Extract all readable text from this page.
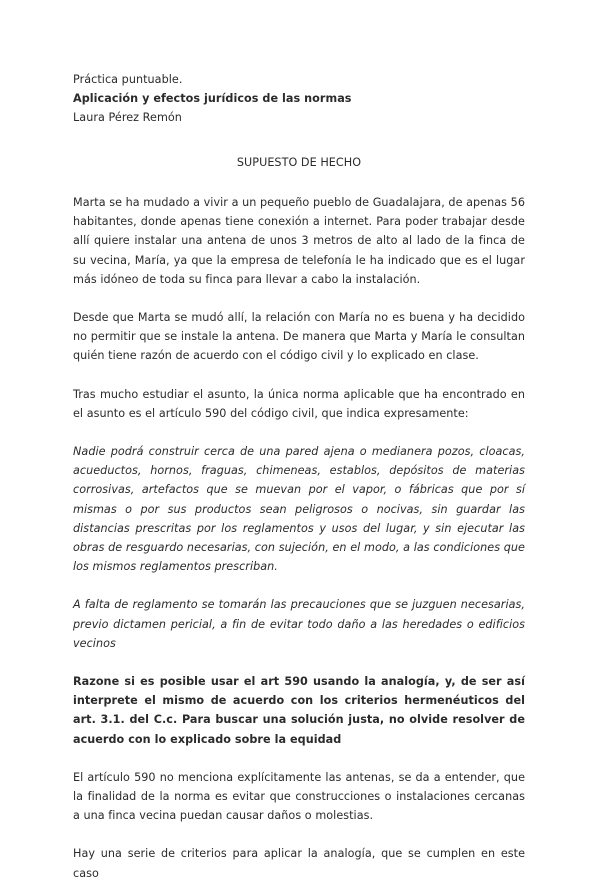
Práctica puntuable.

Aplicación y efectos jurídicos de las normas

Laura Pérez Remón

SUPUESTO DE HECHO

Marta se ha mudado a vivir a un pequeño pueblo de Guadalajara, de apenas 56 habitantes, donde apenas tiene conexión a internet. Para poder trabajar desde allí quiere instalar una antena de unos 3 metros de alto al lado de la finca de su vecina, María, ya que la empresa de telefonía le ha indicado que es el lugar más idóneo de toda su finca para llevar a cabo la instalación.

Desde que Marta se mudó allí, la relación con María no es buena y ha decidido no permitir que se instale la antena. De manera que Marta y María le consultan quién tiene razón de acuerdo con el código civil y lo explicado en clase.

Tras mucho estudiar el asunto, la única norma aplicable que ha encontrado en el asunto es el artículo 590 del código civil, que indica expresamente:

Nadie podrá construir cerca de una pared ajena o medianera pozos, cloacas, acueductos, hornos, fraguas, chimeneas, establos, depósitos de materias corrosivas, artefactos que se muevan por el vapor, o fábricas que por sí mismas o por sus productos sean peligrosos o nocivas, sin guardar las distancias prescritas por los reglamentos y usos del lugar, y sin ejecutar las obras de resguardo necesarias, con sujeción, en el modo, a las condiciones que los mismos reglamentos prescriban.

A falta de reglamento se tomarán las precauciones que se juzguen necesarias, previo dictamen pericial, a fin de evitar todo daño a las heredades o edificios vecinos

Razone si es posible usar el art 590 usando la analogía, y, de ser así interprete el mismo de acuerdo con los criterios hermenéuticos del art. 3.1. del C.c. Para buscar una solución justa, no olvide resolver de acuerdo con lo explicado sobre la equidad

El artículo 590 no menciona explícitamente las antenas, se da a entender, que la finalidad de la norma es evitar que construcciones o instalaciones cercanas a una finca vecina puedan causar daños o molestias.

Hay una serie de criterios para aplicar la analogía, que se cumplen en este caso
